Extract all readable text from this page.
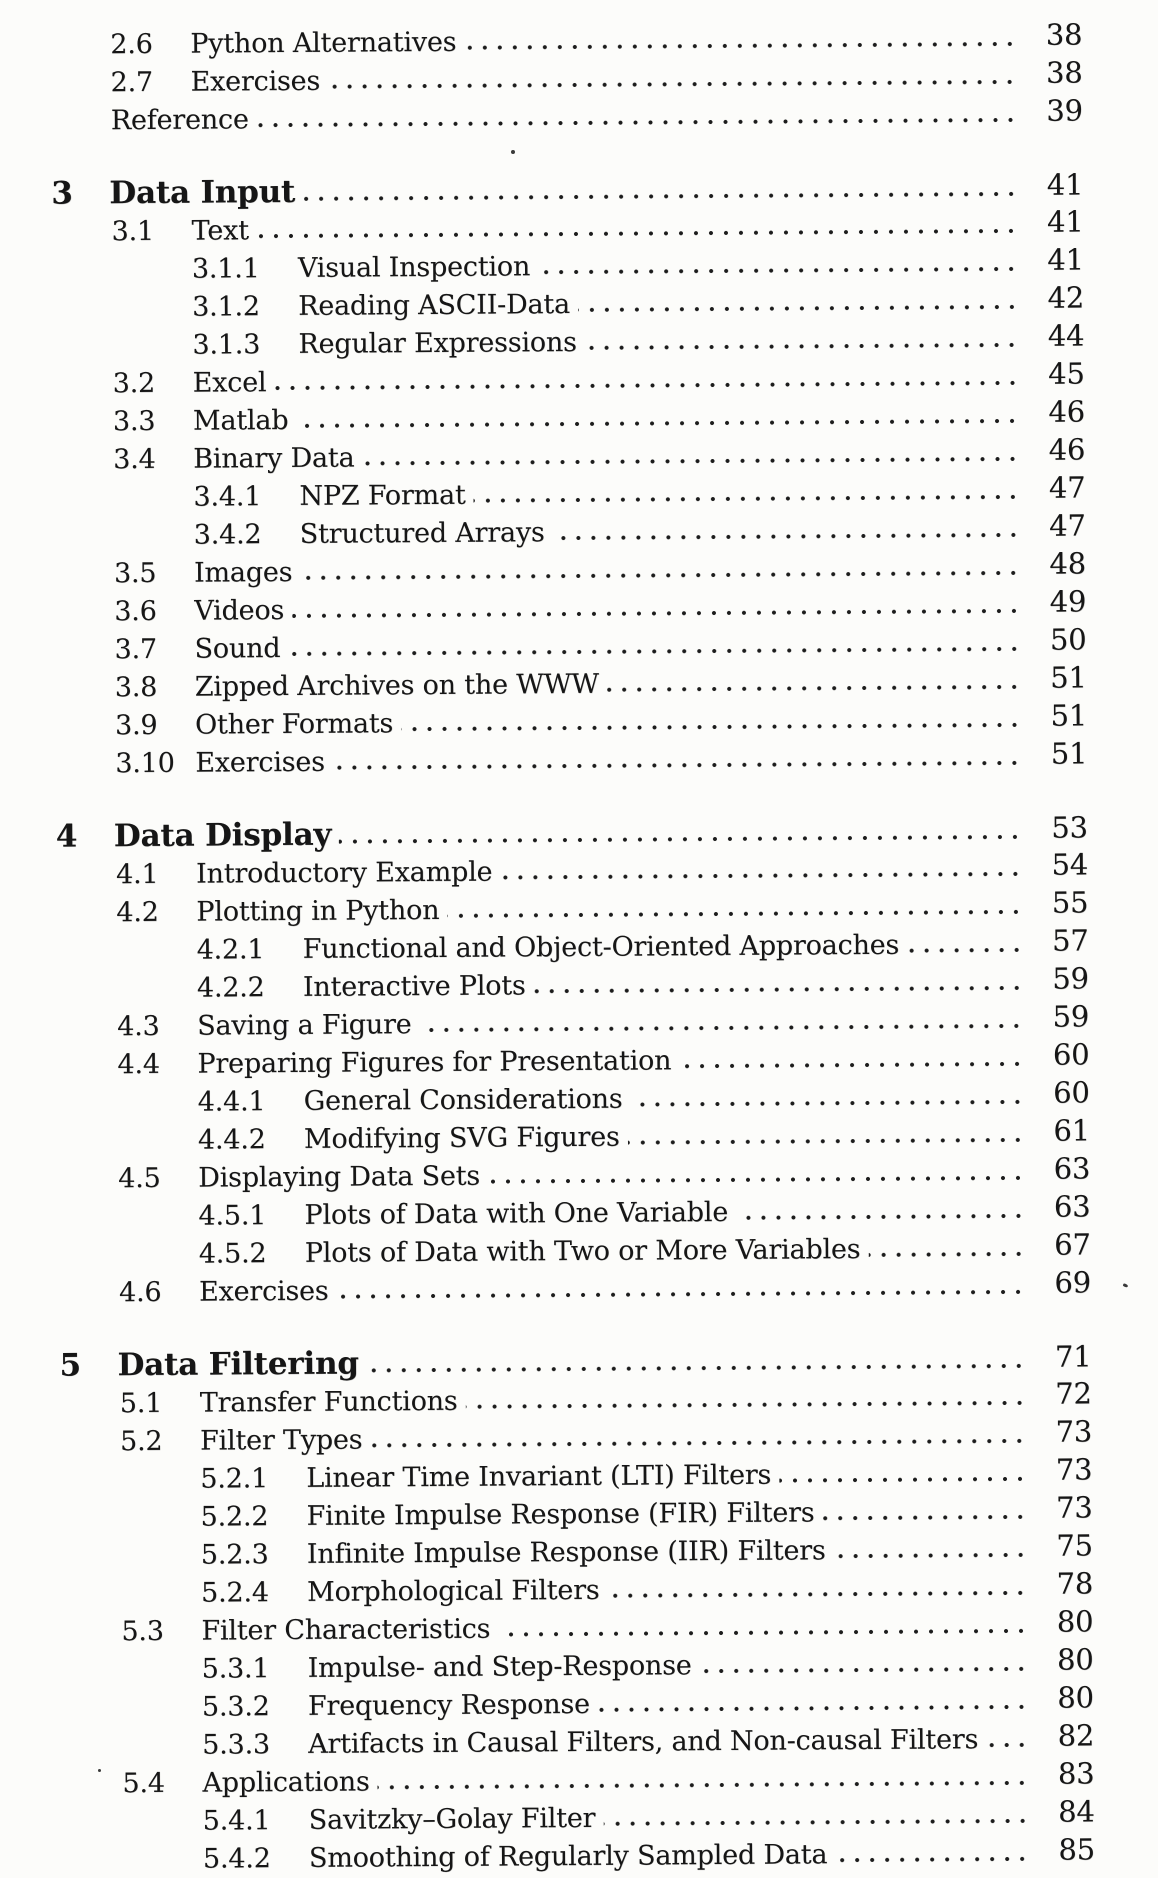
2.6	Python Alternatives	38
2.7	Exercises	38
Reference	39
3	Data Input	41
3.1	Text	41
3.1.1	Visual Inspection	41
3.1.2	Reading ASCII-Data	42
3.1.3	Regular Expressions	44
3.2	Excel	45
3.3	Matlab	46
3.4	Binary Data	46
3.4.1	NPZ Format	47
3.4.2	Structured Arrays	47
3.5	Images	48
3.6	Videos	49
3.7	Sound	50
3.8	Zipped Archives on the WWW	51
3.9	Other Formats	51
3.10 Exercises	51
4	Data Display	53
4.1	Introductory Example	54
4.2	Plotting in Python	55
4.2.1	Functional and Object-Oriented Approaches	57
4.2.2	Interactive Plots	59
4.3	Saving a Figure	59
4.4	Preparing Figures for Presentation	60
4.4.1	General Considerations	60
4.4.2	Modifying SVG Figures	61
4.5	Displaying Data Sets	63
4.5.1	Plots of Data with One Variable	63
4.5.2	Plots of Data with Two or More Variables	67
4.6	Exercises	69
5	Data Filtering	71
5.1	Transfer Functions	72
5.2	Filter Types	73
5.2.1	Linear Time Invariant (LTI) Filters	73
5.2.2	Finite Impulse Response (FIR) Filters	73
5.2.3	Infinite Impulse Response (IIR) Filters	75
5.2.4	Morphological Filters	78
5.3	Filter Characteristics	80
5.3.1	Impulse- and Step-Response	80
5.3.2	Frequency Response	80
5.3.3	Artifacts in Causal Filters, and Non-causal Filters	82
5.4	Applications	83
5.4.1	Savitzky–Golay Filter	84
5.4.2	Smoothing of Regularly Sampled Data	85
